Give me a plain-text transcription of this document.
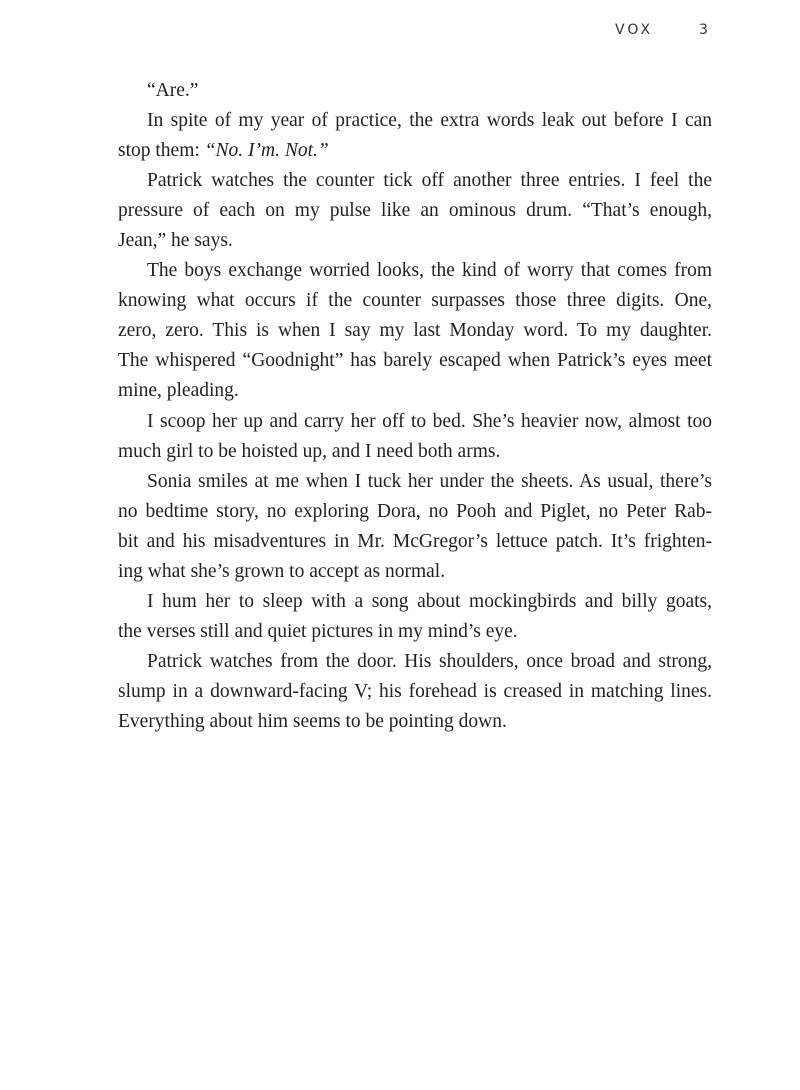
VOX	3
“Are.”
In spite of my year of practice, the extra words leak out before I can
stop them: “No. I’m. Not.”
Patrick watches the counter tick off another three entries. I feel the
pressure of each on my pulse like an ominous drum. “That’s enough,
Jean,” he says.
The boys exchange worried looks, the kind of worry that comes from
knowing what occurs if the counter surpasses those three digits. One,
zero, zero. This is when I say my last Monday word. To my daughter.
The whispered “Goodnight” has barely escaped when Patrick’s eyes meet
mine, pleading.
I scoop her up and carry her off to bed. She’s heavier now, almost too
much girl to be hoisted up, and I need both arms.
Sonia smiles at me when I tuck her under the sheets. As usual, there’s
no bedtime story, no exploring Dora, no Pooh and Piglet, no Peter Rab-
bit and his misadventures in Mr. McGregor’s lettuce patch. It’s frighten-
ing what she’s grown to accept as normal.
I hum her to sleep with a song about mockingbirds and billy goats,
the verses still and quiet pictures in my mind’s eye.
Patrick watches from the door. His shoulders, once broad and strong,
slump in a downward-facing V; his forehead is creased in matching lines.
Everything about him seems to be pointing down.
